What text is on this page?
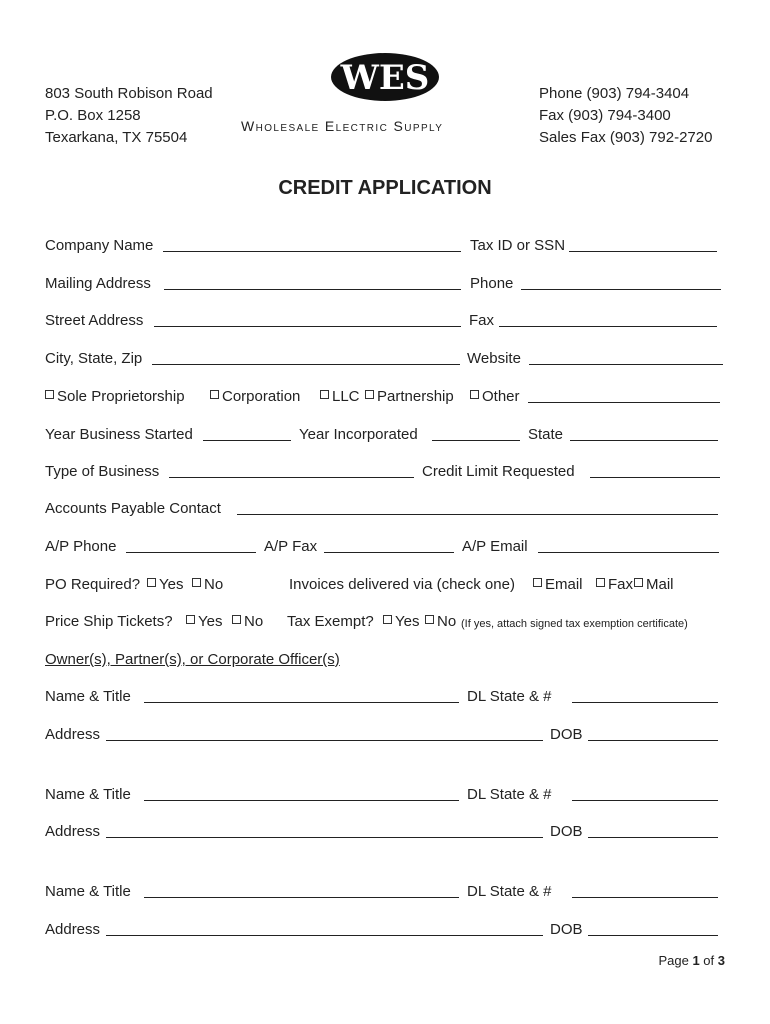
803 South Robison Road
P.O. Box 1258
Texarkana, TX 75504
WES
Wholesale Electric Supply
Phone (903) 794-3404
Fax (903) 794-3400
Sales Fax (903) 792-2720
CREDIT APPLICATION
Company Name	Tax ID or SSN
Mailing Address	Phone
Street Address	Fax
City, State, Zip	Website
Sole Proprietorship	Corporation	LLC	Partnership	Other
Year Business Started	Year Incorporated	State
Type of Business	Credit Limit Requested
Accounts Payable Contact
A/P Phone	A/P Fax	A/P Email
PO Required?	Yes	No	Invoices delivered via (check one)	Email	Fax Mail
Price Ship Tickets?	Yes	No Tax Exempt?	Yes	No (If yes, attach signed tax exemption certificate)
Owner(s), Partner(s), or Corporate Officer(s)
Name & Title	DL State & #
Address	DOB
Name & Title	DL State & #
Address	DOB
Name & Title	DL State & #
Address	DOB
Page 1 of 3
